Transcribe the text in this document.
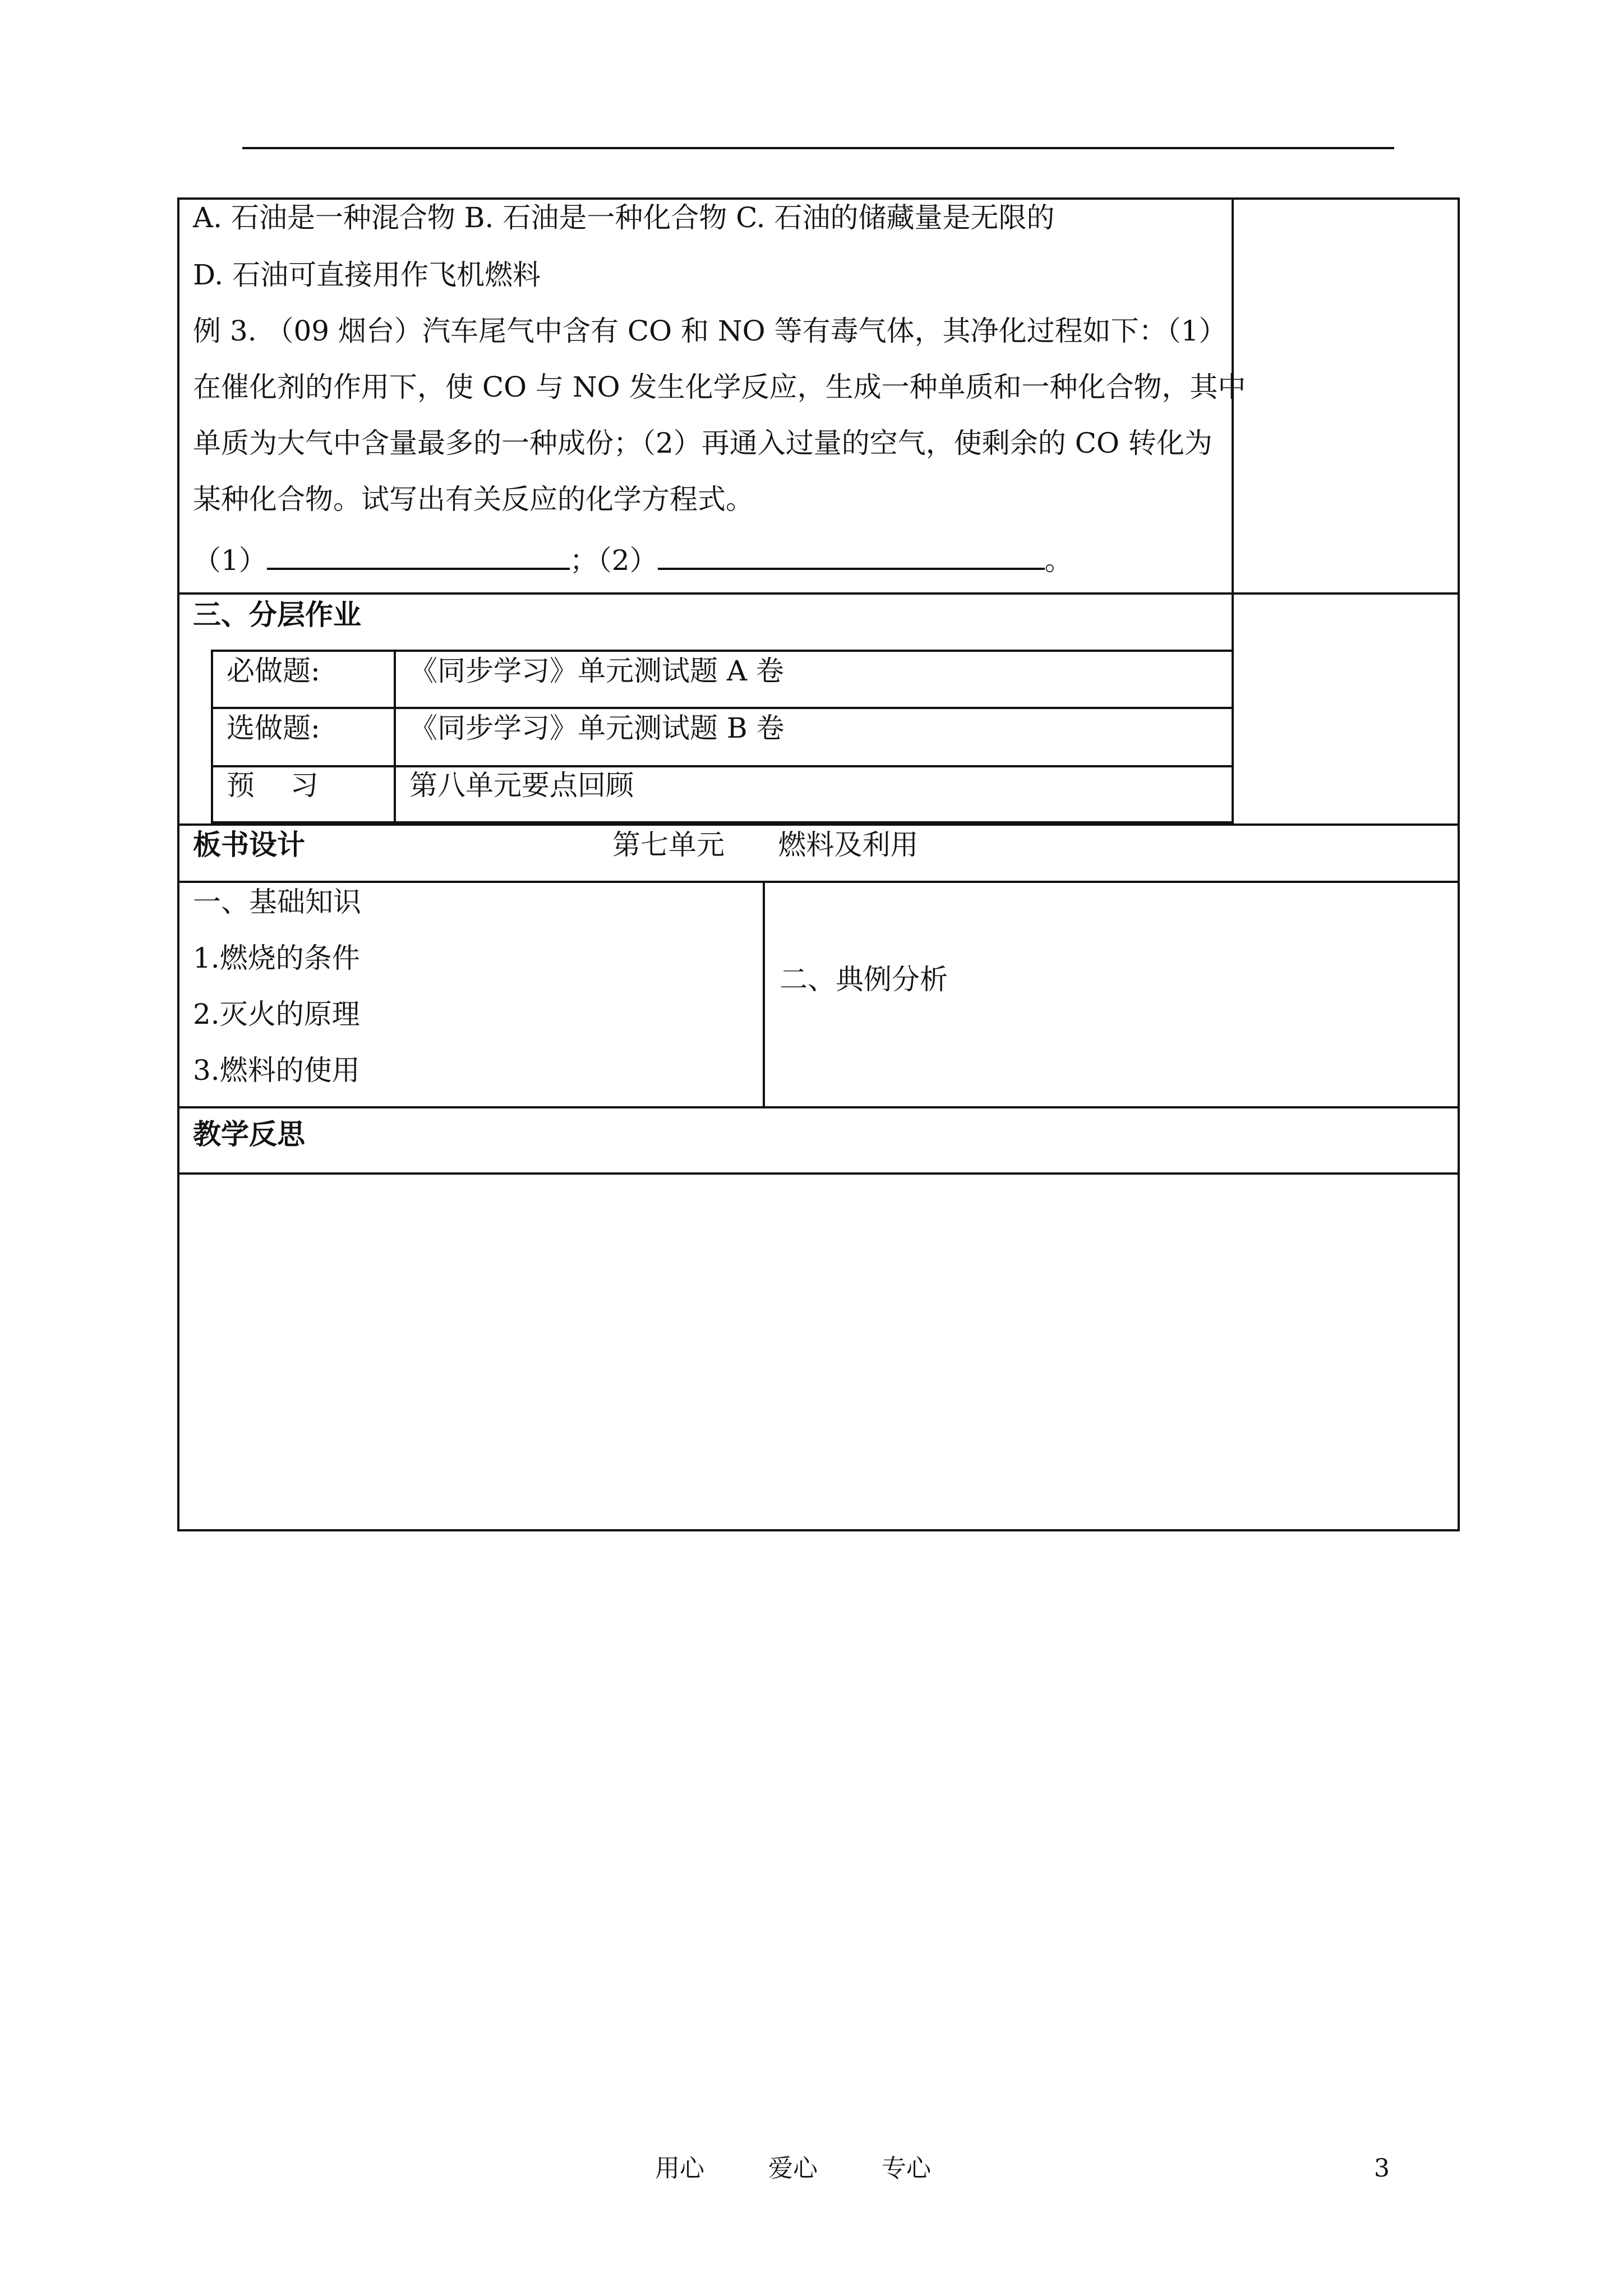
A. 石油是一种混合物 B. 石油是一种化合物 C. 石油的储藏量是无限的
D. 石油可直接用作飞机燃料
例 3. （09 烟台）汽车尾气中含有 CO 和 NO 等有毒气体，其净化过程如下：（1）
在催化剂的作用下，使 CO 与 NO 发生化学反应，生成一种单质和一种化合物，其中
单质为大气中含量最多的一种成份；（2）再通入过量的空气，使剩余的 CO 转化为
某种化合物。试写出有关反应的化学方程式。
（1）	；（2）	。
三、分层作业
必做题:	《同步学习》单元测试题 A 卷
选做题:	《同步学习》单元测试题 B 卷
预    习	第八单元要点回顾
板书设计	第七单元      燃料及利用
一、基础知识
1.燃烧的条件
2.灭火的原理
3.燃料的使用
二、典例分析
教学反思
用心	爱心	专心	3
